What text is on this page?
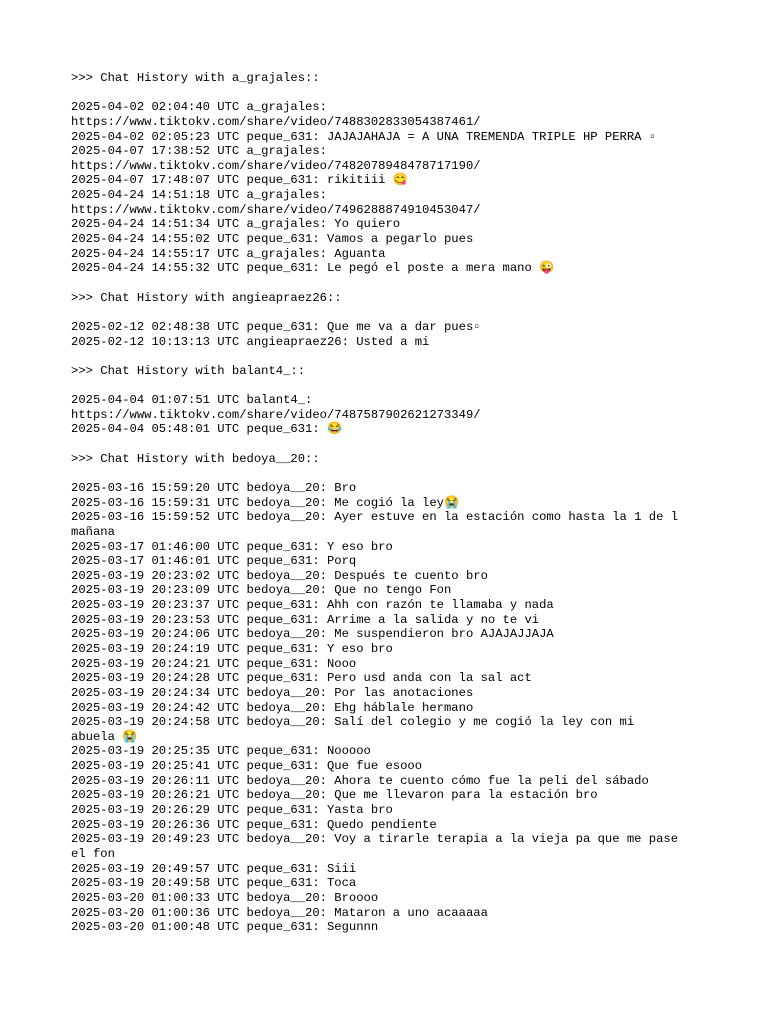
>>> Chat History with a_grajales::
2025-04-02 02:04:40 UTC a_grajales:
https://www.tiktokv.com/share/video/7488302833054387461/
2025-04-02 02:05:23 UTC peque_631: JAJAJAHAJA = A UNA TREMENDA TRIPLE HP PERRA ▫
2025-04-07 17:38:52 UTC a_grajales:
https://www.tiktokv.com/share/video/7482078948478717190/
2025-04-07 17:48:07 UTC peque_631: rikitiii 😋
2025-04-24 14:51:18 UTC a_grajales:
https://www.tiktokv.com/share/video/7496288874910453047/
2025-04-24 14:51:34 UTC a_grajales: Yo quiero
2025-04-24 14:55:02 UTC peque_631: Vamos a pegarlo pues
2025-04-24 14:55:17 UTC a_grajales: Aguanta
2025-04-24 14:55:32 UTC peque_631: Le pegó el poste a mera mano 😜
>>> Chat History with angieapraez26::
2025-02-12 02:48:38 UTC peque_631: Que me va a dar pues▫
2025-02-12 10:13:13 UTC angieapraez26: Usted a mi
>>> Chat History with balant4_::
2025-04-04 01:07:51 UTC balant4_:
https://www.tiktokv.com/share/video/7487587902621273349/
2025-04-04 05:48:01 UTC peque_631: 😂
>>> Chat History with bedoya__20::
2025-03-16 15:59:20 UTC bedoya__20: Bro
2025-03-16 15:59:31 UTC bedoya__20: Me cogió la ley😭
2025-03-16 15:59:52 UTC bedoya__20: Ayer estuve en la estación como hasta la 1 de l
mañana
2025-03-17 01:46:00 UTC peque_631: Y eso bro
2025-03-17 01:46:01 UTC peque_631: Porq
2025-03-19 20:23:02 UTC bedoya__20: Después te cuento bro
2025-03-19 20:23:09 UTC bedoya__20: Que no tengo Fon
2025-03-19 20:23:37 UTC peque_631: Ahh con razón te llamaba y nada
2025-03-19 20:23:53 UTC peque_631: Arrime a la salida y no te vi
2025-03-19 20:24:06 UTC bedoya__20: Me suspendieron bro AJAJAJJAJA
2025-03-19 20:24:19 UTC peque_631: Y eso bro
2025-03-19 20:24:21 UTC peque_631: Nooo
2025-03-19 20:24:28 UTC peque_631: Pero usd anda con la sal act
2025-03-19 20:24:34 UTC bedoya__20: Por las anotaciones
2025-03-19 20:24:42 UTC bedoya__20: Ehg háblale hermano
2025-03-19 20:24:58 UTC bedoya__20: Salí del colegio y me cogió la ley con mi
abuela 😭
2025-03-19 20:25:35 UTC peque_631: Nooooo
2025-03-19 20:25:41 UTC peque_631: Que fue esooo
2025-03-19 20:26:11 UTC bedoya__20: Ahora te cuento cómo fue la peli del sábado
2025-03-19 20:26:21 UTC bedoya__20: Que me llevaron para la estación bro
2025-03-19 20:26:29 UTC peque_631: Yasta bro
2025-03-19 20:26:36 UTC peque_631: Quedo pendiente
2025-03-19 20:49:23 UTC bedoya__20: Voy a tirarle terapia a la vieja pa que me pase
el fon
2025-03-19 20:49:57 UTC peque_631: Siii
2025-03-19 20:49:58 UTC peque_631: Toca
2025-03-20 01:00:33 UTC bedoya__20: Broooo
2025-03-20 01:00:36 UTC bedoya__20: Mataron a uno acaaaaa
2025-03-20 01:00:48 UTC peque_631: Segunnn
